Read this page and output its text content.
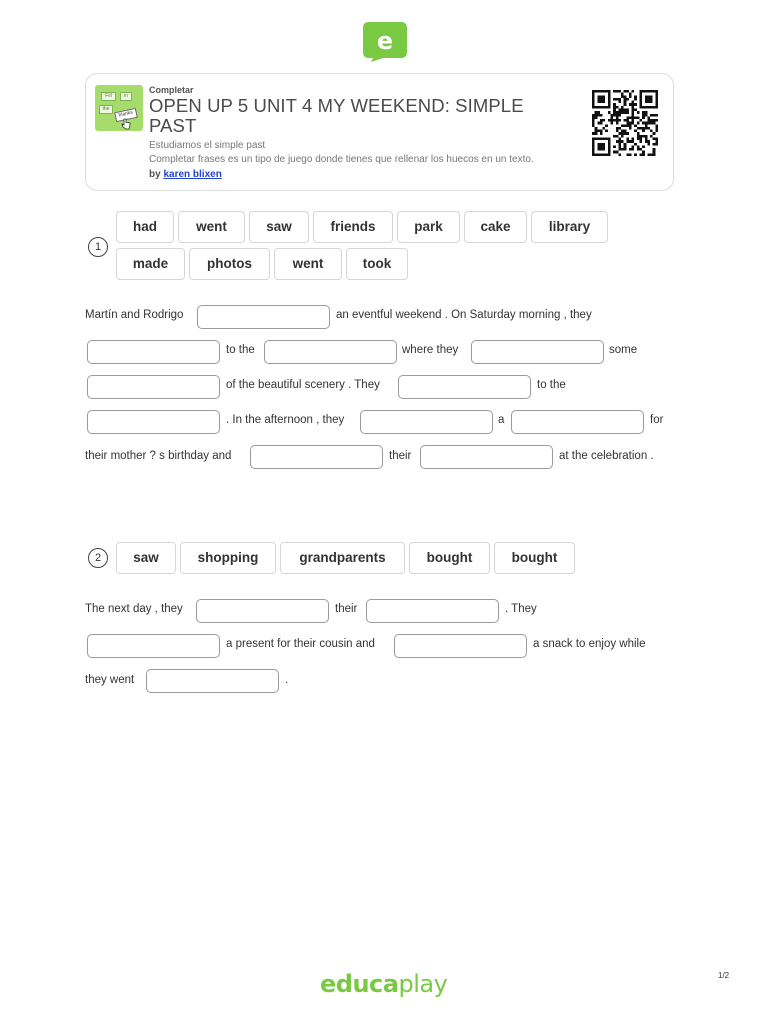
e
Fill	in
the
blanks
Completar
OPEN UP 5 UNIT 4 MY WEEKEND: SIMPLE PAST
Estudiamos el simple past
Completar frases es un tipo de juego donde tienes que rellenar los huecos en un texto.
by karen blixen
1
had	went	saw	friends	park	cake	library
made	photos	went	took
Martín and Rodrigo	an eventful weekend . On Saturday morning , they
to the	where they	some
of the beautiful scenery . They	to the
. In the afternoon , they	a	for
their mother ? s birthday and	their	at the celebration .
2	saw	shopping	grandparents	bought	bought
The next day , they	their	. They
a present for their cousin and	a snack to enjoy while
they went	.
educaplay	1/2
